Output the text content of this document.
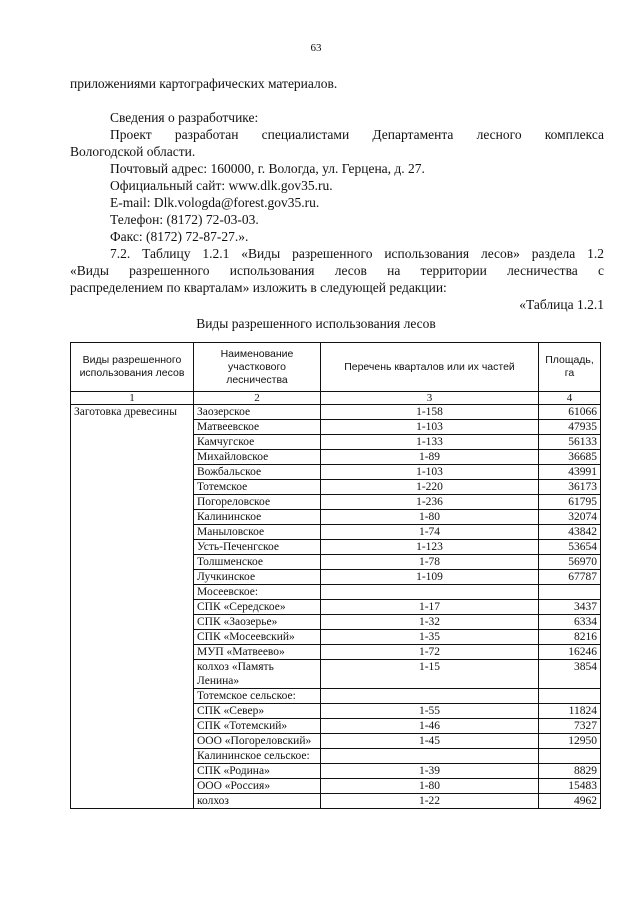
63
приложениями картографических материалов.
Сведения о разработчике:
Проект разработан специалистами Департамента лесного комплекса
Вологодской области.
Почтовый адрес: 160000, г. Вологда, ул. Герцена, д. 27.
Официальный сайт: www.dlk.gov35.ru.
E-mail: Dlk.vologda@forest.gov35.ru.
Телефон: (8172) 72-03-03.
Факс: (8172) 72-87-27.».
7.2. Таблицу 1.2.1 «Виды разрешенного использования лесов» раздела 1.2
«Виды разрешенного использования лесов на территории лесничества с
распределением по кварталам» изложить в следующей редакции:
«Таблица 1.2.1
Виды разрешенного использования лесов
Виды разрешенного использования лесов	Наименование участкового лесничества	Перечень кварталов или их частей	Площадь, га
1	2	3	4
Заготовка древесины	Заозерское	1-158	61066
	Матвеевское	1-103	47935
	Камчугское	1-133	56133
	Михайловское	1-89	36685
	Вожбальское	1-103	43991
	Тотемское	1-220	36173
	Погореловское	1-236	61795
	Калининское	1-80	32074
	Маныловское	1-74	43842
	Усть-Печенгское	1-123	53654
	Толшменское	1-78	56970
	Лучкинское	1-109	67787
	Мосеевское:		
	СПК «Середское»	1-17	3437
	СПК «Заозерье»	1-32	6334
	СПК «Мосеевский»	1-35	8216
	МУП «Матвеево»	1-72	16246
	колхоз «Память Ленина»	1-15	3854
	Тотемское сельское:		
	СПК «Север»	1-55	11824
	СПК «Тотемский»	1-46	7327
	ООО «Погореловский»	1-45	12950
	Калининское сельское:		
	СПК «Родина»	1-39	8829
	ООО «Россия»	1-80	15483
	колхоз	1-22	4962
